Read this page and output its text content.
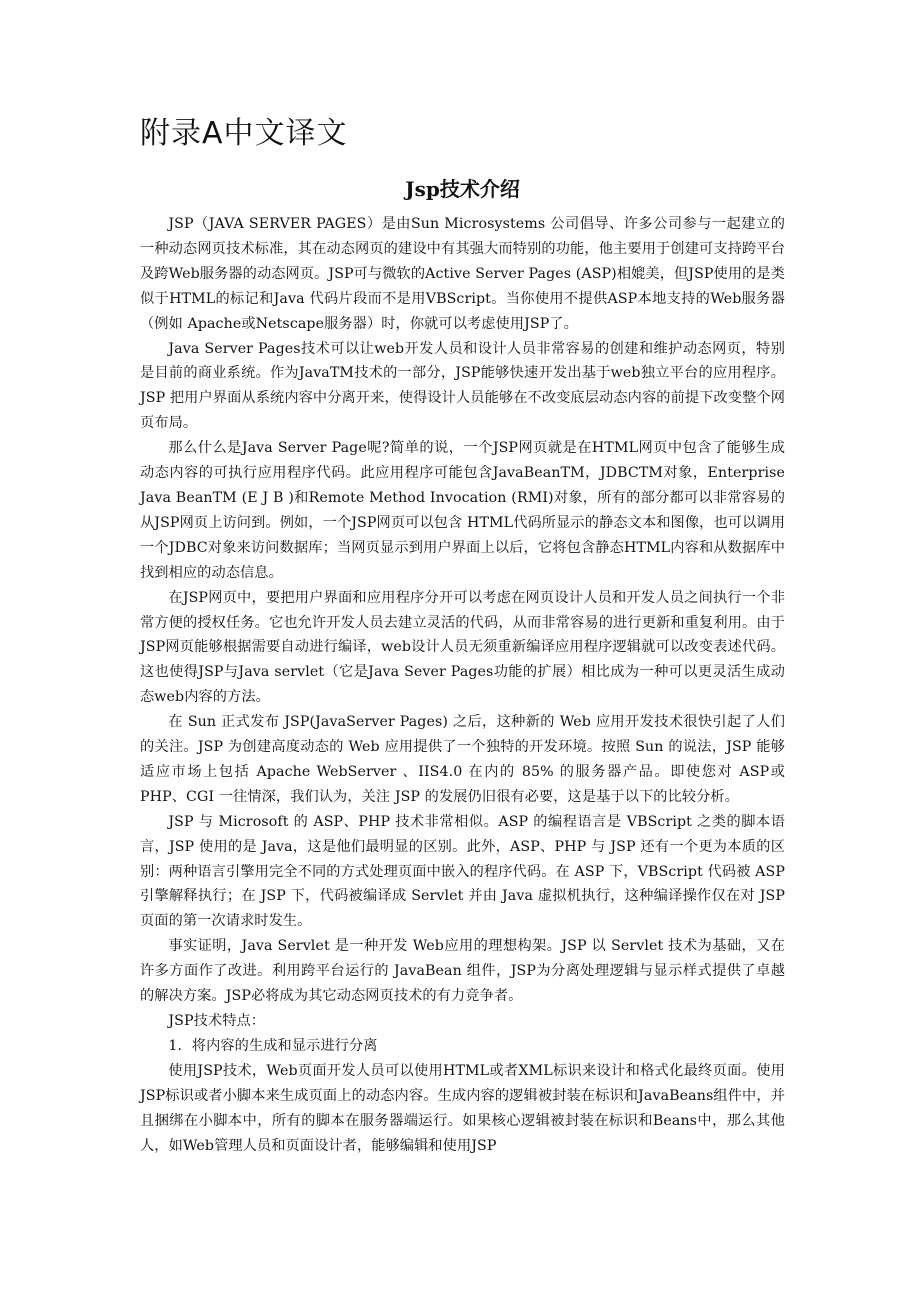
附录A中文译文
Jsp技术介绍

JSP（JAVA SERVER PAGES）是由Sun Microsystems 公司倡导、许多公司参与一起建立的一种动态网页技术标准，其在动态网页的建设中有其强大而特别的功能，他主要用于创建可支持跨平台及跨Web服务器的动态网页。JSP可与微软的Active Server Pages (ASP)相媲美，但JSP使用的是类似于HTML的标记和Java 代码片段而不是用VBScript。当你使用不提供ASP本地支持的Web服务器（例如 Apache或Netscape服务器）时，你就可以考虑使用JSP了。

Java Server Pages技术可以让web开发人员和设计人员非常容易的创建和维护动态网页，特别是目前的商业系统。作为JavaTM技术的一部分，JSP能够快速开发出基于web独立平台的应用程序。JSP 把用户界面从系统内容中分离开来，使得设计人员能够在不改变底层动态内容的前提下改变整个网页布局。

那么什么是Java Server Page呢?简单的说，一个JSP网页就是在HTML网页中包含了能够生成动态内容的可执行应用程序代码。此应用程序可能包含JavaBeanTM，JDBCTM对象，Enterprise Java BeanTM (E J B )和Remote Method Invocation (RMI)对象，所有的部分都可以非常容易的从JSP网页上访问到。例如，一个JSP网页可以包含 HTML代码所显示的静态文本和图像，也可以调用一个JDBC对象来访问数据库；当网页显示到用户界面上以后，它将包含静态HTML内容和从数据库中找到相应的动态信息。

在JSP网页中，要把用户界面和应用程序分开可以考虑在网页设计人员和开发人员之间执行一个非常方便的授权任务。它也允许开发人员去建立灵活的代码，从而非常容易的进行更新和重复利用。由于JSP网页能够根据需要自动进行编译，web设计人员无须重新编译应用程序逻辑就可以改变表述代码。这也使得JSP与Java servlet（它是Java Sever Pages功能的扩展）相比成为一种可以更灵活生成动态web内容的方法。

在 Sun 正式发布 JSP(JavaServer Pages) 之后，这种新的 Web 应用开发技术很快引起了人们的关注。JSP 为创建高度动态的 Web 应用提供了一个独特的开发环境。按照 Sun 的说法，JSP 能够适应市场上包括 Apache WebServer 、IIS4.0 在内的 85% 的服务器产品。即使您对 ASP或PHP、CGI 一往情深，我们认为，关注 JSP 的发展仍旧很有必要，这是基于以下的比较分析。

JSP 与 Microsoft 的 ASP、PHP 技术非常相似。ASP 的编程语言是 VBScript 之类的脚本语言，JSP 使用的是 Java，这是他们最明显的区别。此外，ASP、PHP 与 JSP 还有一个更为本质的区别：两种语言引擎用完全不同的方式处理页面中嵌入的程序代码。在 ASP 下，VBScript 代码被 ASP 引擎解释执行；在 JSP 下，代码被编译成 Servlet 并由 Java 虚拟机执行，这种编译操作仅在对 JSP 页面的第一次请求时发生。

事实证明，Java Servlet 是一种开发 Web应用的理想构架。JSP 以 Servlet 技术为基础，又在许多方面作了改进。利用跨平台运行的 JavaBean 组件，JSP为分离处理逻辑与显示样式提供了卓越的解决方案。JSP必将成为其它动态网页技术的有力竞争者。

JSP技术特点：

1．将内容的生成和显示进行分离

使用JSP技术，Web页面开发人员可以使用HTML或者XML标识来设计和格式化最终页面。使用JSP标识或者小脚本来生成页面上的动态内容。生成内容的逻辑被封装在标识和JavaBeans组件中，并且捆绑在小脚本中，所有的脚本在服务器端运行。如果核心逻辑被封装在标识和Beans中，那么其他人，如Web管理人员和页面设计者，能够编辑和使用JSP
